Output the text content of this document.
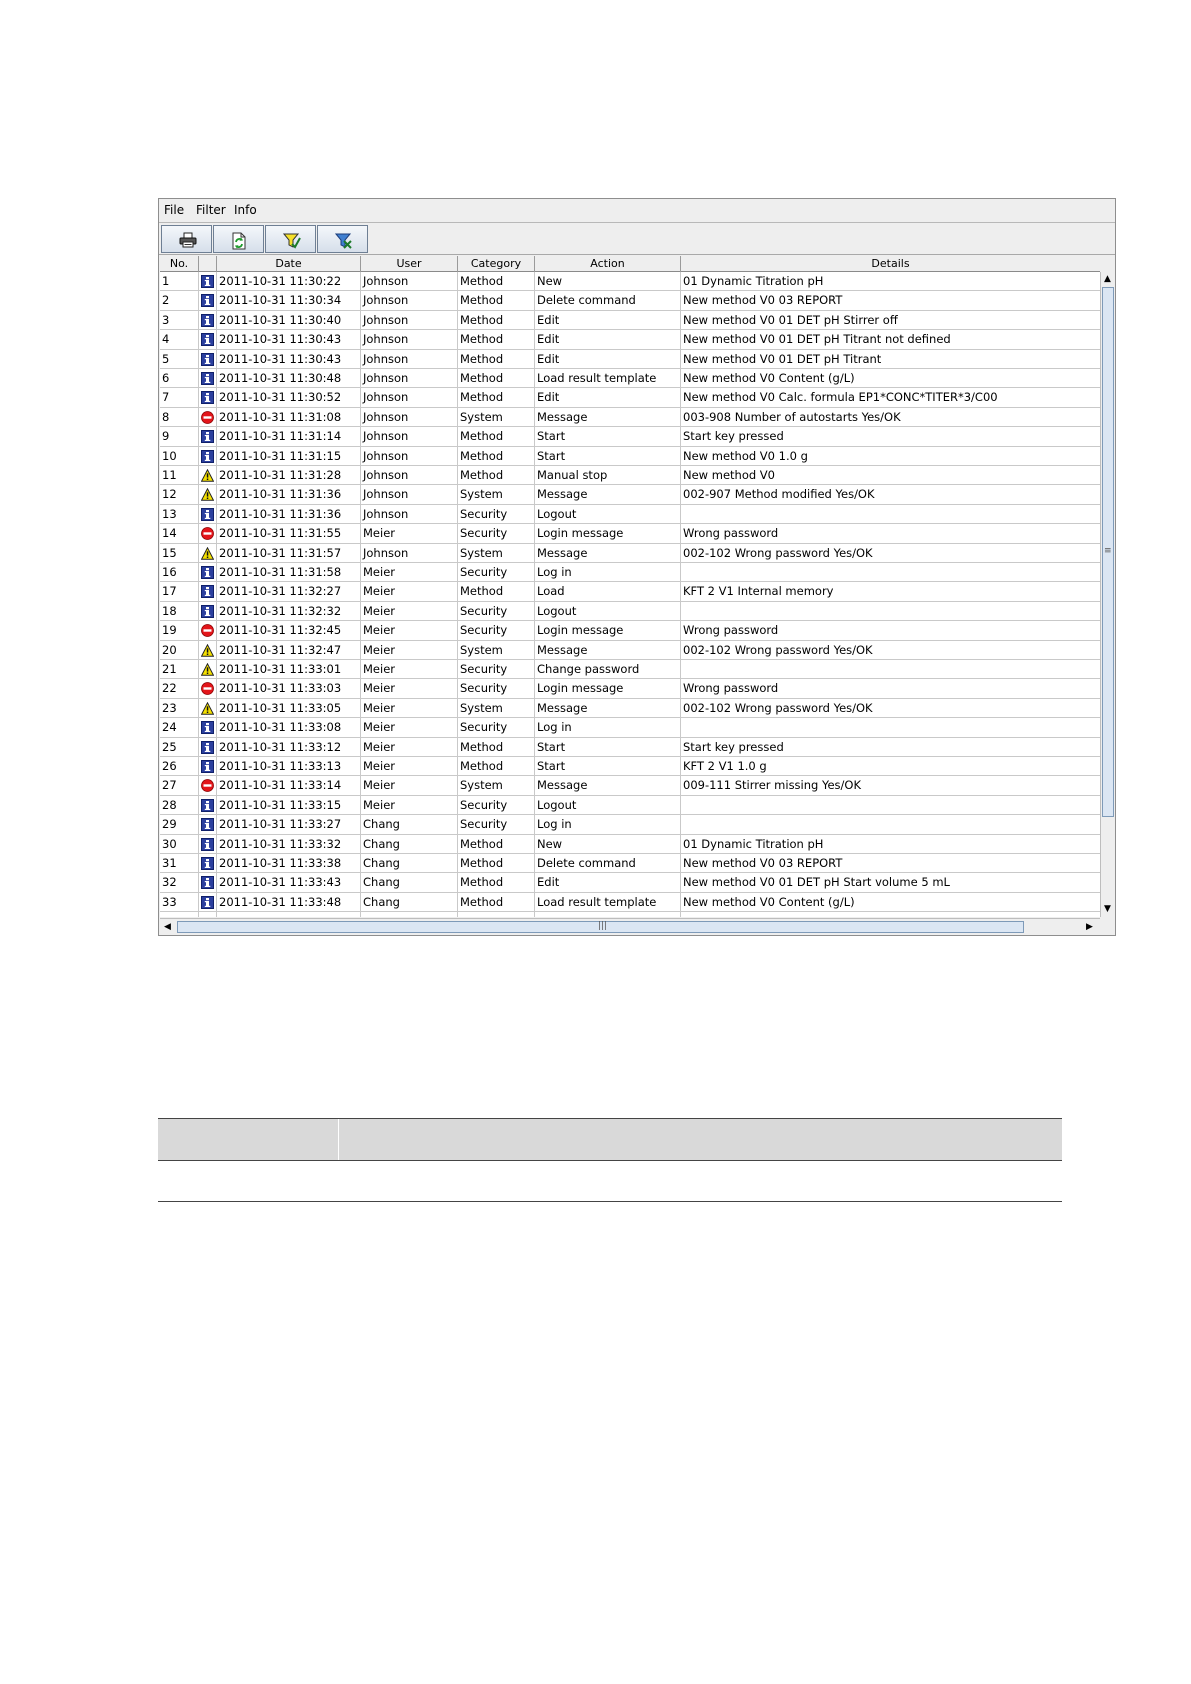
File Filter Info
No.	Date	User	Category	Action	Details
1	2011-10-31 11:30:22	Johnson	Method	New	01 Dynamic Titration pH
2	2011-10-31 11:30:34	Johnson	Method	Delete command	New method V0 03 REPORT
3	2011-10-31 11:30:40	Johnson	Method	Edit	New method V0 01 DET pH Stirrer off
4	2011-10-31 11:30:43	Johnson	Method	Edit	New method V0 01 DET pH Titrant not defined
5	2011-10-31 11:30:43	Johnson	Method	Edit	New method V0 01 DET pH Titrant
6	2011-10-31 11:30:48	Johnson	Method	Load result template	New method V0 Content (g/L)
7	2011-10-31 11:30:52	Johnson	Method	Edit	New method V0 Calc. formula EP1*CONC*TITER*3/C00
8	2011-10-31 11:31:08	Johnson	System	Message	003-908 Number of autostarts Yes/OK
9	2011-10-31 11:31:14	Johnson	Method	Start	Start key pressed
10	2011-10-31 11:31:15	Johnson	Method	Start	New method V0 1.0 g
11	2011-10-31 11:31:28	Johnson	Method	Manual stop	New method V0
12	2011-10-31 11:31:36	Johnson	System	Message	002-907 Method modified Yes/OK
13	2011-10-31 11:31:36	Johnson	Security	Logout
14	2011-10-31 11:31:55	Meier	Security	Login message	Wrong password
15	2011-10-31 11:31:57	Johnson	System	Message	002-102 Wrong password Yes/OK
16	2011-10-31 11:31:58	Meier	Security	Log in
17	2011-10-31 11:32:27	Meier	Method	Load	KFT 2 V1 Internal memory
18	2011-10-31 11:32:32	Meier	Security	Logout
19	2011-10-31 11:32:45	Meier	Security	Login message	Wrong password
20	2011-10-31 11:32:47	Meier	System	Message	002-102 Wrong password Yes/OK
21	2011-10-31 11:33:01	Meier	Security	Change password
22	2011-10-31 11:33:03	Meier	Security	Login message	Wrong password
23	2011-10-31 11:33:05	Meier	System	Message	002-102 Wrong password Yes/OK
24	2011-10-31 11:33:08	Meier	Security	Log in
25	2011-10-31 11:33:12	Meier	Method	Start	Start key pressed
26	2011-10-31 11:33:13	Meier	Method	Start	KFT 2 V1 1.0 g
27	2011-10-31 11:33:14	Meier	System	Message	009-111 Stirrer missing Yes/OK
28	2011-10-31 11:33:15	Meier	Security	Logout
29	2011-10-31 11:33:27	Chang	Security	Log in
30	2011-10-31 11:33:32	Chang	Method	New	01 Dynamic Titration pH
31	2011-10-31 11:33:38	Chang	Method	Delete command	New method V0 03 REPORT
32	2011-10-31 11:33:43	Chang	Method	Edit	New method V0 01 DET pH Start volume 5 mL
33	2011-10-31 11:33:48	Chang	Method	Load result template	New method V0 Content (g/L)
▲
≡
▼
◀	|||	▶
